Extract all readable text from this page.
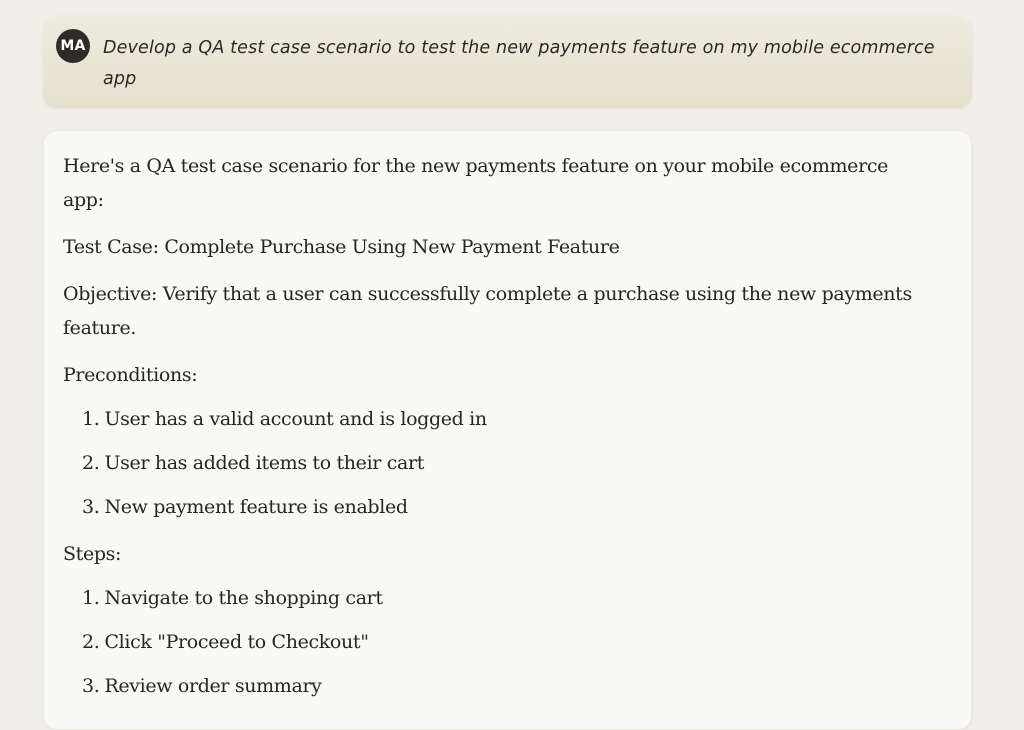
MA Develop a QA test case scenario to test the new payments feature on my mobile ecommerce app

Here's a QA test case scenario for the new payments feature on your mobile ecommerce app:

Test Case: Complete Purchase Using New Payment Feature

Objective: Verify that a user can successfully complete a purchase using the new payments feature.

Preconditions:

1. User has a valid account and is logged in
2. User has added items to their cart
3. New payment feature is enabled

Steps:

1. Navigate to the shopping cart
2. Click "Proceed to Checkout"
3. Review order summary
